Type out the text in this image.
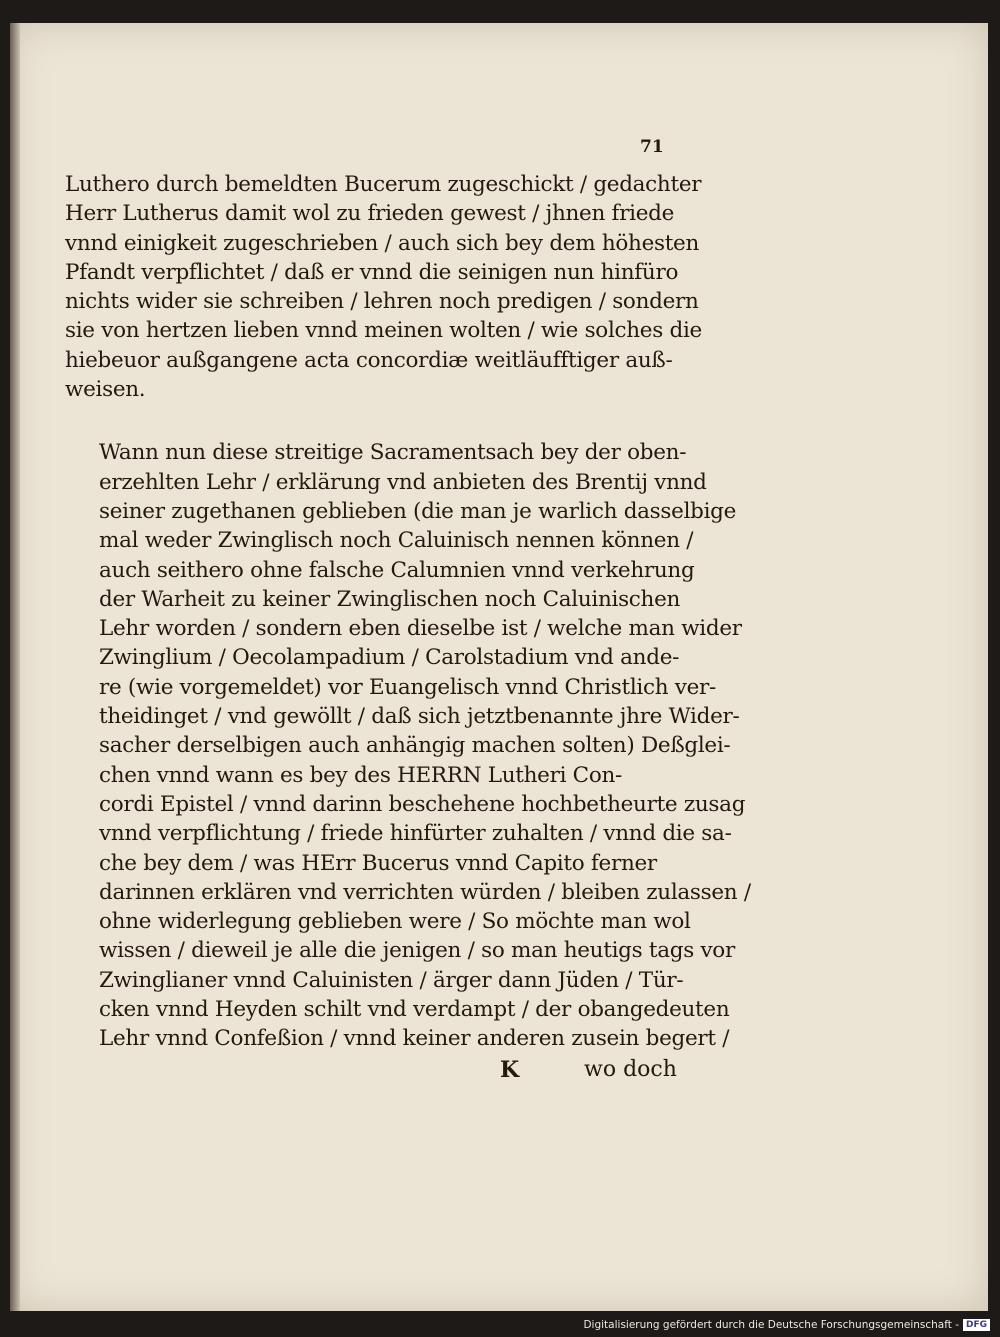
71

Luthero durch bemeldten Bucerum zugeschickt / gedachter
Herr Lutherus damit wol zu frieden gewest / jhnen friede
vnnd einigkeit zugeschrieben / auch sich bey dem höhesten
Pfandt verpflichtet / daß er vnnd die seinigen nun hinfüro
nichts wider sie schreiben / lehren noch predigen / sondern
sie von hertzen lieben vnnd meinen wolten / wie solches die
hiebeuor außgangene acta concordiæ weitläufftiger auß-
weisen.

Wann nun diese streitige Sacramentsach bey der oben-
erzehlten Lehr / erklärung vnd anbieten des Brentij vnnd
seiner zugethanen geblieben (die man je warlich dasselbige
mal weder Zwinglisch noch Caluinisch nennen können /
auch seithero ohne falsche Calumnien vnnd verkehrung
der Warheit zu keiner Zwinglischen noch Caluinischen
Lehr worden / sondern eben dieselbe ist / welche man wider
Zwinglium / Oecolampadium / Carolstadium vnd ande-
re (wie vorgemeldet) vor Euangelisch vnnd Christlich ver-
theidinget / vnd gewöllt / daß sich jetztbenannte jhre Wider-
sacher derselbigen auch anhängig machen solten) Deßglei-
chen vnnd wann es bey des HERRN Lutheri Con-
cordi Epistel / vnnd darinn beschehene hochbetheurte zusag
vnnd verpflichtung / friede hinfürter zuhalten / vnnd die sa-
che bey dem / was HErr Bucerus vnnd Capito ferner
darinnen erklären vnd verrichten würden / bleiben zulassen /
ohne widerlegung geblieben were / So möchte man wol
wissen / dieweil je alle die jenigen / so man heutigs tags vor
Zwinglianer vnnd Caluinisten / ärger dann Jüden / Tür-
cken vnnd Heyden schilt vnd verdampt / der obangedeuten
Lehr vnnd Confeßion / vnnd keiner anderen zusein begert /

K	wo doch
Digitalisierung gefördert durch die Deutsche Forschungsgemeinschaft - DFG
